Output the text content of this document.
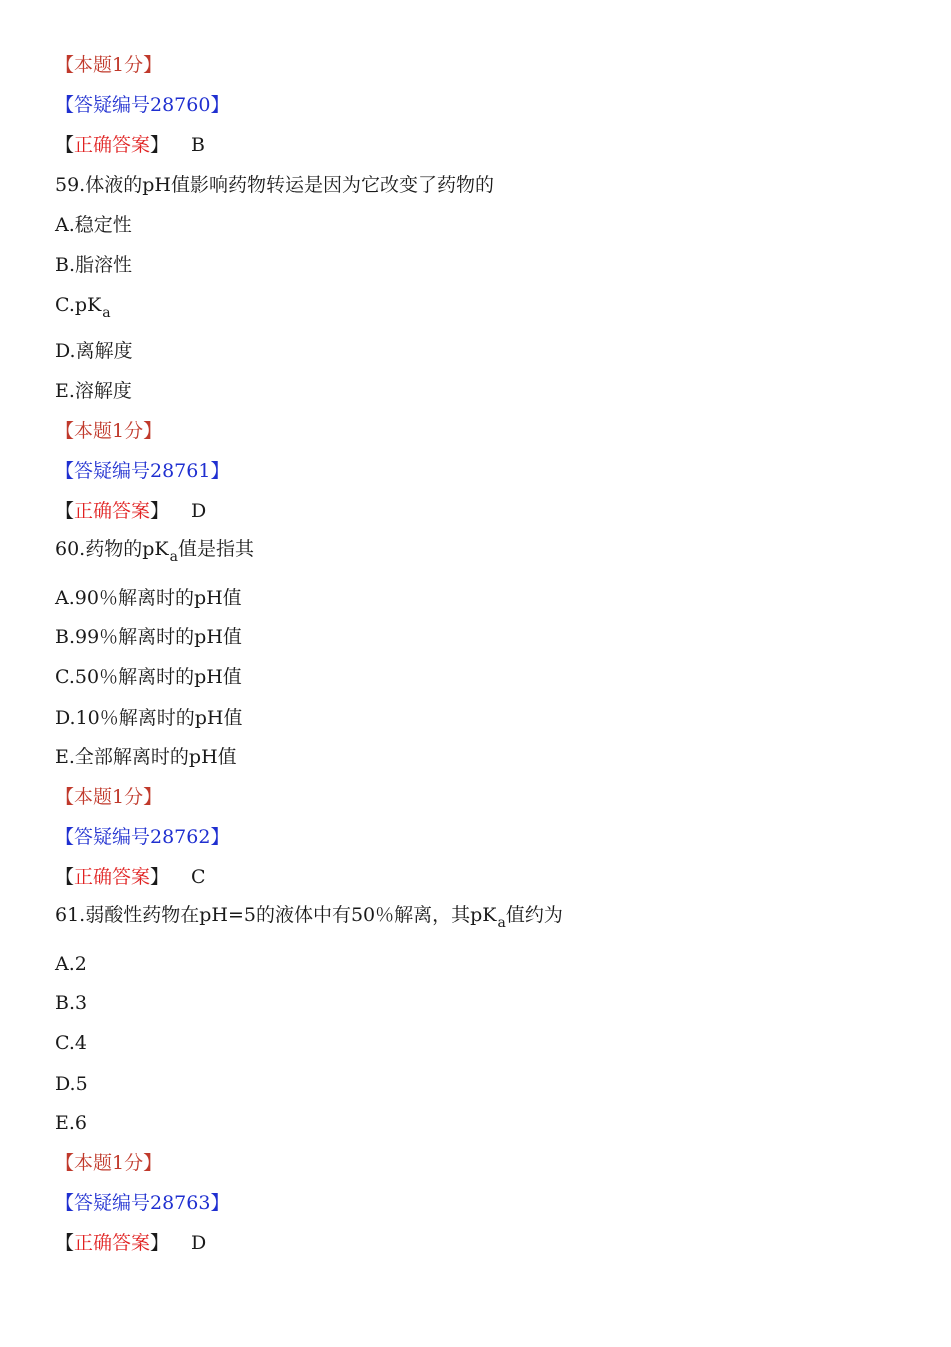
【本题1分】
【答疑编号28760】
【正确答案】 B
59.体液的pH值影响药物转运是因为它改变了药物的
A.稳定性
B.脂溶性
$C.pK_a$
D.离解度
E.溶解度
【本题1分】
【答疑编号28761】
【正确答案】 D
60.药物的$pK_a$值是指其
A.90％解离时的pH值
B.99％解离时的pH值
C.50％解离时的pH值
D.10％解离时的pH值
E.全部解离时的pH值
【本题1分】
【答疑编号28762】
【正确答案】 C
61.弱酸性药物在pH=5的液体中有50％解离，其$pK_a$值约为
A.2
B.3
C.4
D.5
E.6
【本题1分】
【答疑编号28763】
【正确答案】 D
